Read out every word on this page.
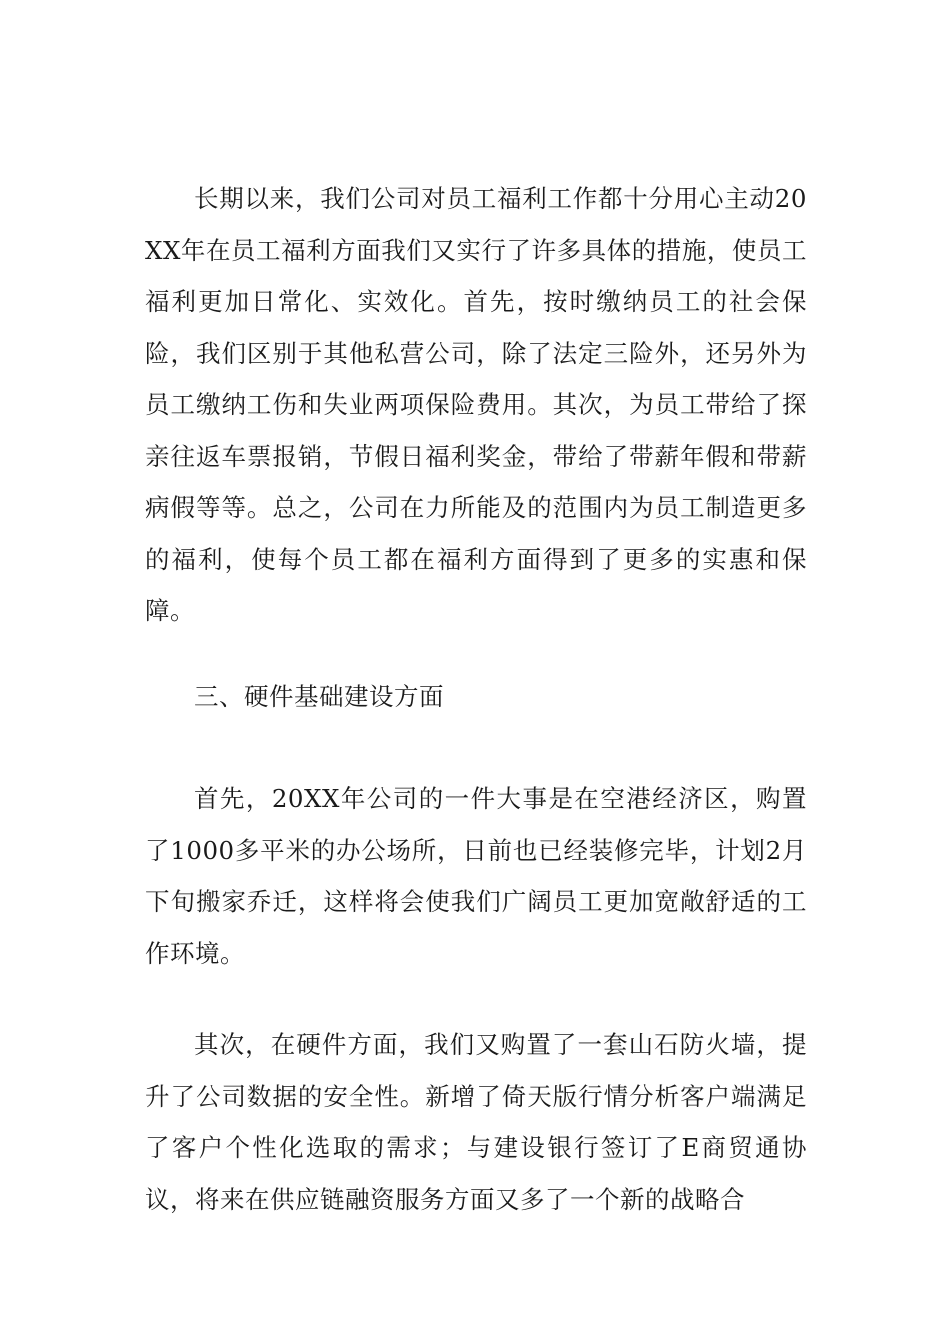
长期以来，我们公司对员工福利工作都十分用心主动20XX年在员工福利方面我们又实行了许多具体的措施，使员工福利更加日常化、实效化。首先，按时缴纳员工的社会保险，我们区别于其他私营公司，除了法定三险外，还另外为员工缴纳工伤和失业两项保险费用。其次，为员工带给了探亲往返车票报销，节假日福利奖金，带给了带薪年假和带薪病假等等。总之，公司在力所能及的范围内为员工制造更多的福利，使每个员工都在福利方面得到了更多的实惠和保障。

三、硬件基础建设方面

首先，20XX年公司的一件大事是在空港经济区，购置了1000多平米的办公场所，日前也已经装修完毕，计划2月下旬搬家乔迁，这样将会使我们广阔员工更加宽敞舒适的工作环境。

其次，在硬件方面，我们又购置了一套山石防火墙，提升了公司数据的安全性。新增了倚天版行情分析客户端满足了客户个性化选取的需求；与建设银行签订了E商贸通协议，将来在供应链融资服务方面又多了一个新的战略合
